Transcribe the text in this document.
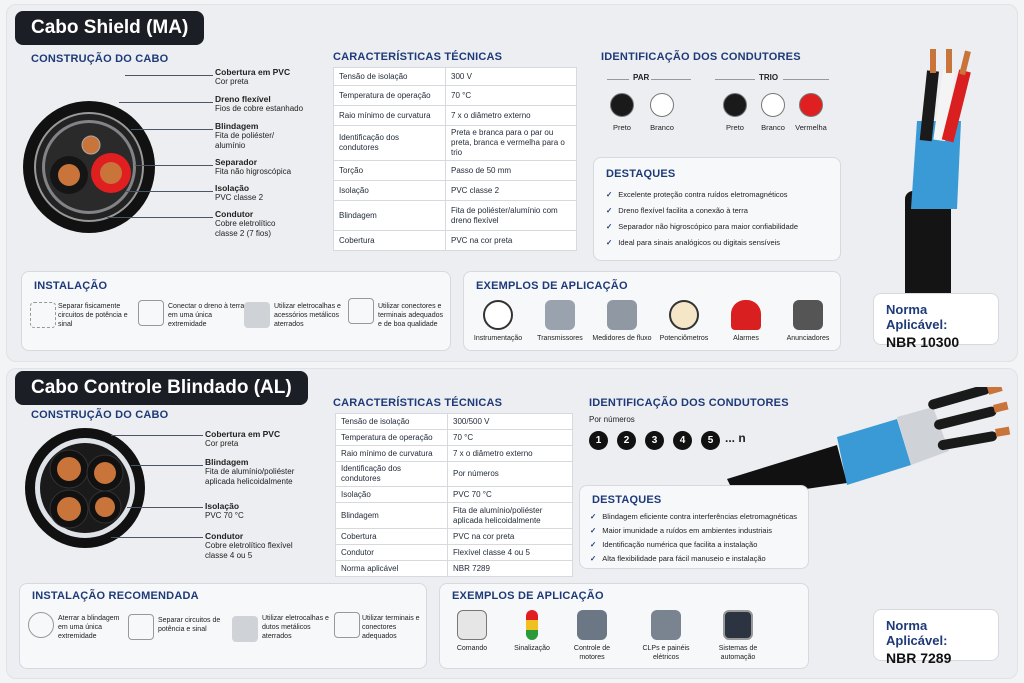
Cabo Shield (MA)
CONSTRUÇÃO DO CABO
Cobertura em PVC
Cor preta
Dreno flexível
Fios de cobre estanhado
Blindagem
Fita de poliéster/ alumínio
Separador
Fita não higroscópica
Isolação
PVC classe 2
Condutor
Cobre eletrolítico classe 2 (7 fios)
CARACTERÍSTICAS TÉCNICAS
Tensão de isolação	300 V
Temperatura de operação	70 °C
Raio mínimo de curvatura	7 x o diâmetro externo
Identificação dos condutores	Preta e branca para o par ou preta, branca e vermelha para o trio
Torção	Passo de 50 mm
Isolação	PVC classe 2
Blindagem	Fita de poliéster/alumínio com dreno flexível
Cobertura	PVC na cor preta
IDENTIFICAÇÃO DOS CONDUTORES
PAR	TRIO
Preto	Branco	Preto	Branco	Vermelha
DESTAQUES
✓ Excelente proteção contra ruídos eletromagnéticos
✓ Dreno flexível facilita a conexão à terra
✓ Separador não higroscópico para maior confiabilidade
✓ Ideal para sinais analógicos ou digitais sensíveis
Norma Aplicável:
NBR 10300
INSTALAÇÃO
Separar fisicamente circuitos de potência e sinal
Conectar o dreno à terra em uma única extremidade
Utilizar eletrocalhas e acessórios metálicos aterrados
Utilizar conectores e terminais adequados e de boa qualidade
EXEMPLOS DE APLICAÇÃO
Instrumentação	Transmissores	Medidores de fluxo	Potenciômetros	Alarmes	Anunciadores
Cabo Controle Blindado (AL)
CONSTRUÇÃO DO CABO
Cobertura em PVC
Cor preta
Blindagem
Fita de alumínio/poliéster aplicada helicoidalmente
Isolação
PVC 70 °C
Condutor
Cobre eletrolítico flexível classe 4 ou 5
CARACTERÍSTICAS TÉCNICAS
Tensão de isolação	300/500 V
Temperatura de operação	70 °C
Raio mínimo de curvatura	7 x o diâmetro externo
Identificação dos condutores	Por números
Isolação	PVC 70 °C
Blindagem	Fita de alumínio/poliéster aplicada helicoidalmente
Cobertura	PVC na cor preta
Condutor	Flexível classe 4 ou 5
Norma aplicável	NBR 7289
IDENTIFICAÇÃO DOS CONDUTORES
Por números
1	2	3	4	5 ... n
DESTAQUES
✓ Blindagem eficiente contra interferências eletromagnéticas
✓ Maior imunidade a ruídos em ambientes industriais
✓ Identificação numérica que facilita a instalação
✓ Alta flexibilidade para fácil manuseio e instalação
Norma Aplicável:
NBR 7289
INSTALAÇÃO RECOMENDADA
Aterrar a blindagem em uma única extremidade
Separar circuitos de potência e sinal
Utilizar eletrocalhas e dutos metálicos aterrados
Utilizar terminais e conectores adequados
EXEMPLOS DE APLICAÇÃO
Comando	Sinalização	Controle de motores
CLPs e painéis elétricos
Sistemas de automação
